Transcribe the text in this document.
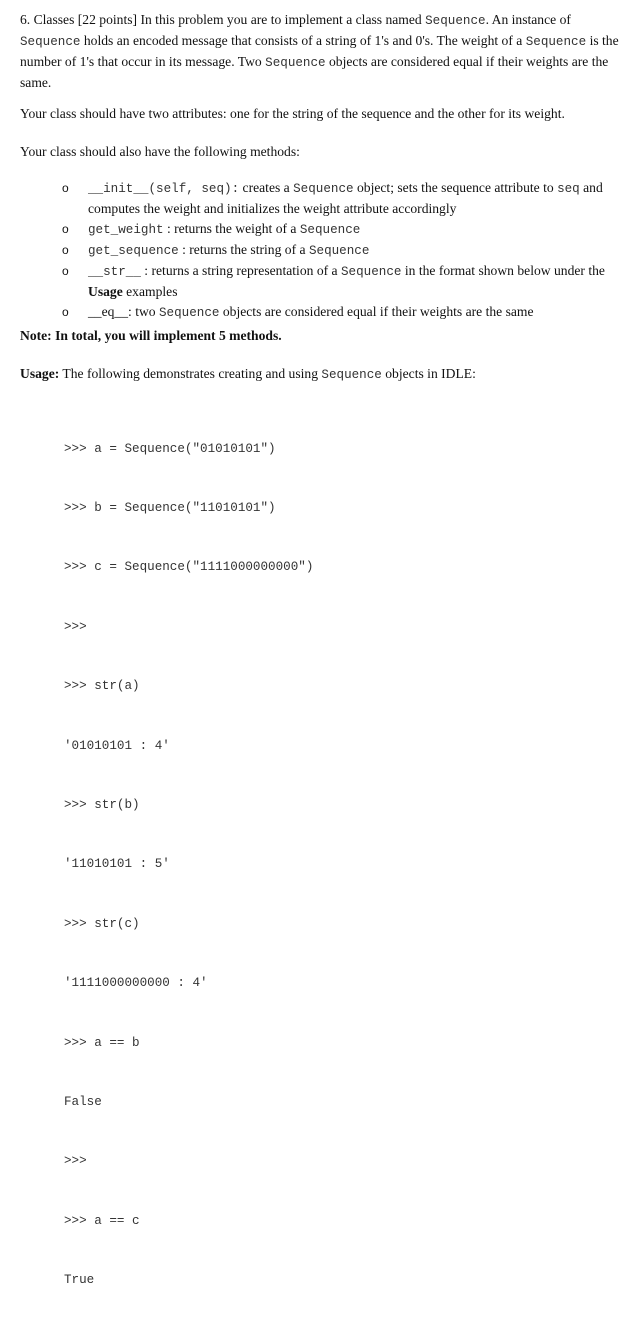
6. Classes [22 points] In this problem you are to implement a class named Sequence. An instance of Sequence holds an encoded message that consists of a string of 1's and 0's. The weight of a Sequence is the number of 1's that occur in its message. Two Sequence objects are considered equal if their weights are the same.
Your class should have two attributes: one for the string of the sequence and the other for its weight.
Your class should also have the following methods:
o __init__(self, seq): creates a Sequence object; sets the sequence attribute to seq and computes the weight and initializes the weight attribute accordingly
o get_weight : returns the weight of a Sequence
o get_sequence : returns the string of a Sequence
o __str__ : returns a string representation of a Sequence in the format shown below under the Usage examples
o __eq__: two Sequence objects are considered equal if their weights are the same
Note: In total, you will implement 5 methods.
Usage: The following demonstrates creating and using Sequence objects in IDLE:

>>> a = Sequence("01010101")

>>> b = Sequence("11010101")

>>> c = Sequence("1111000000000")

>>>

>>> str(a)

'01010101 : 4'

>>> str(b)

'11010101 : 5'

>>> str(c)

'1111000000000 : 4'

>>> a == b

False

>>>

>>> a == c

True
